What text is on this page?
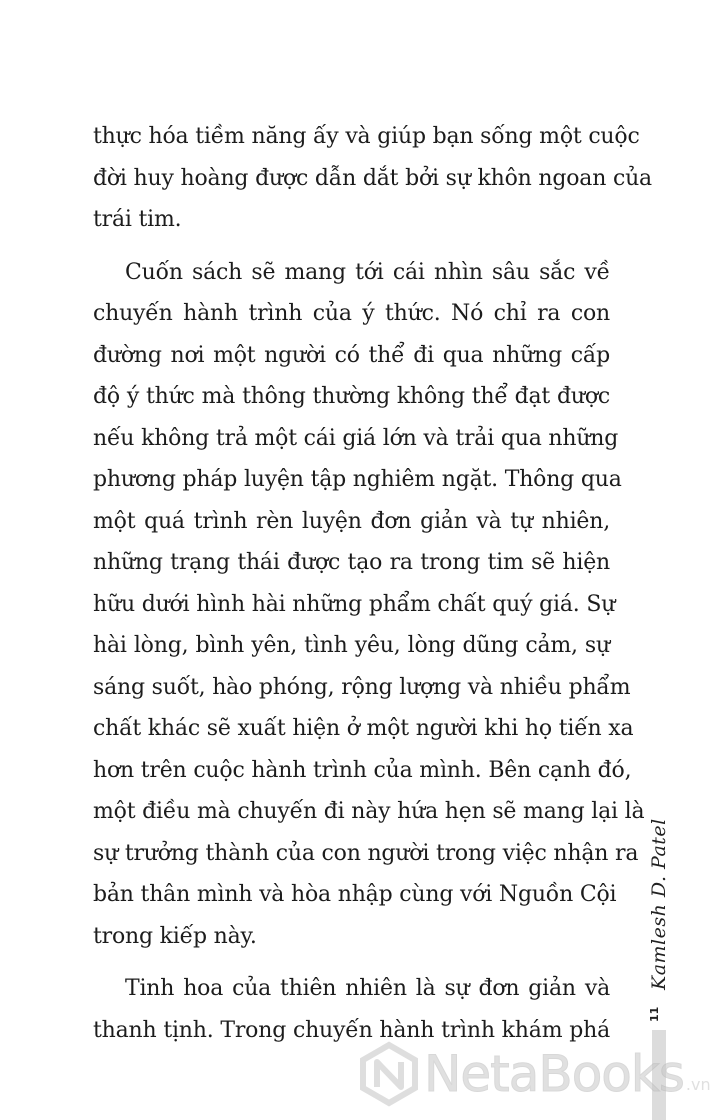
thực hóa tiềm năng ấy và giúp bạn sống một cuộc
đời huy hoàng được dẫn dắt bởi sự khôn ngoan của
trái tim.
Cuốn sách sẽ mang tới cái nhìn sâu sắc về
chuyến hành trình của ý thức. Nó chỉ ra con
đường nơi một người có thể đi qua những cấp
độ ý thức mà thông thường không thể đạt được
nếu không trả một cái giá lớn và trải qua những
phương pháp luyện tập nghiêm ngặt. Thông qua
một quá trình rèn luyện đơn giản và tự nhiên,
những trạng thái được tạo ra trong tim sẽ hiện
hữu dưới hình hài những phẩm chất quý giá. Sự
hài lòng, bình yên, tình yêu, lòng dũng cảm, sự
sáng suốt, hào phóng, rộng lượng và nhiều phẩm
chất khác sẽ xuất hiện ở một người khi họ tiến xa
hơn trên cuộc hành trình của mình. Bên cạnh đó,
một điều mà chuyến đi này hứa hẹn sẽ mang lại là
sự trưởng thành của con người trong việc nhận ra
bản thân mình và hòa nhập cùng với Nguồn Cội
trong kiếp này.
Tinh hoa của thiên nhiên là sự đơn giản và
thanh tịnh. Trong chuyến hành trình khám phá
Kamlesh D. Patel
11
NetaBooks .vn
